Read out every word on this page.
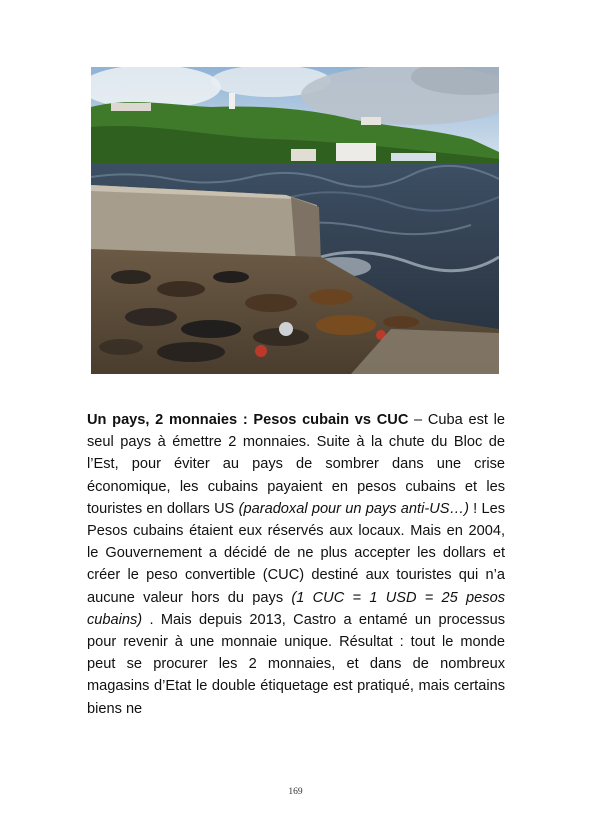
Un pays, 2 monnaies : Pesos cubain vs CUC – Cuba est le seul pays à émettre 2 monnaies. Suite à la chute du Bloc de l’Est, pour éviter au pays de sombrer dans une crise économique, les cubains payaient en pesos cubains et les touristes en dollars US (paradoxal pour un pays anti-US…) ! Les Pesos cubains étaient eux réservés aux locaux. Mais en 2004, le Gouvernement a décidé de ne plus accepter les dollars et créer le peso convertible (CUC) destiné aux touristes qui n’a aucune valeur hors du pays (1 CUC = 1 USD = 25 pesos cubains) . Mais depuis 2013, Castro a entamé un processus pour revenir à une monnaie unique. Résultat : tout le monde peut se procurer les 2 monnaies, et dans de nombreux magasins d’Etat le double étiquetage est pratiqué, mais certains biens ne

169
